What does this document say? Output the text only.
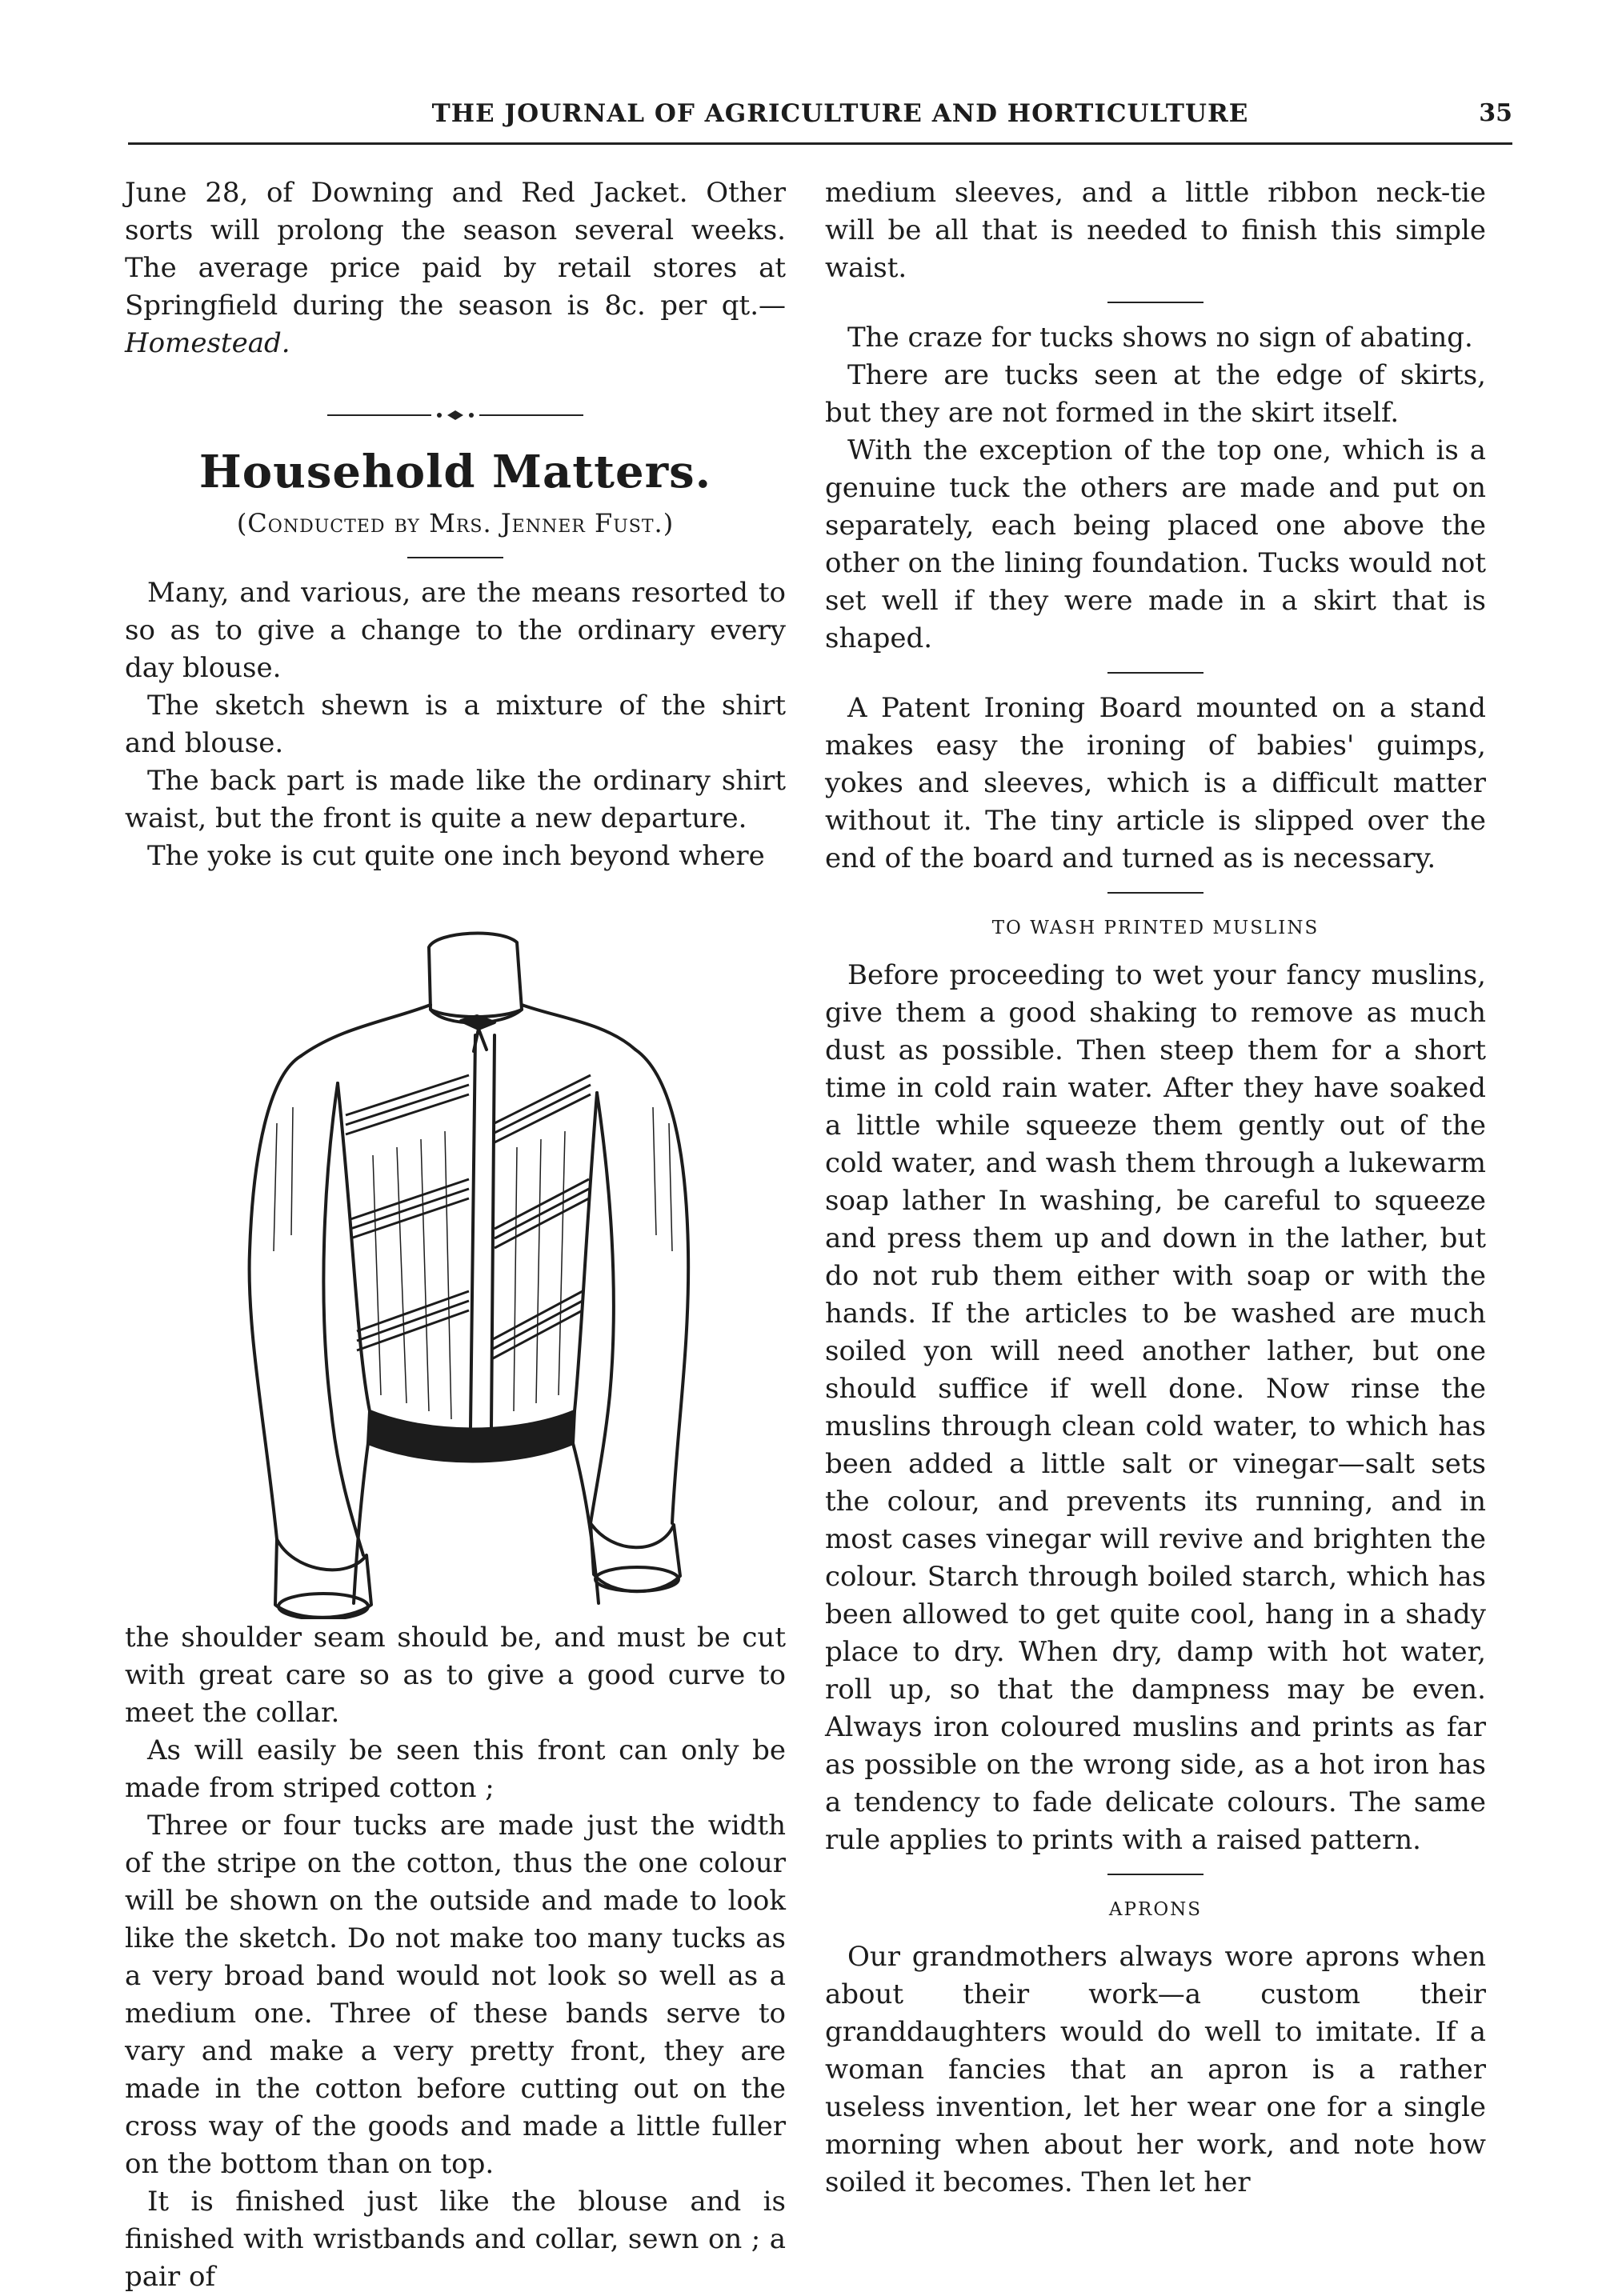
THE JOURNAL OF AGRICULTURE AND HORTICULTURE	35

June 28, of Downing and Red Jacket. Other sorts will prolong the season several weeks. The average price paid by retail stores at Springfield during the season is 8c. per qt.—Homestead.

Household Matters.
(Conducted by Mrs. Jenner Fust.)

Many, and various, are the means resorted to so as to give a change to the ordinary every day blouse.

The sketch shewn is a mixture of the shirt and blouse.

The back part is made like the ordinary shirt waist, but the front is quite a new departure.

The yoke is cut quite one inch beyond where

the shoulder seam should be, and must be cut with great care so as to give a good curve to meet the collar.

As will easily be seen this front can only be made from striped cotton ;

Three or four tucks are made just the width of the stripe on the cotton, thus the one colour will be shown on the outside and made to look like the sketch. Do not make too many tucks as a very broad band would not look so well as a medium one. Three of these bands serve to vary and make a very pretty front, they are made in the cotton before cutting out on the cross way of the goods and made a little fuller on the bottom than on top.

It is finished just like the blouse and is finished with wristbands and collar, sewn on ; a pair of

medium sleeves, and a little ribbon neck-tie will be all that is needed to finish this simple waist.

The craze for tucks shows no sign of abating.

There are tucks seen at the edge of skirts, but they are not formed in the skirt itself.

With the exception of the top one, which is a genuine tuck the others are made and put on separately, each being placed one above the other on the lining foundation. Tucks would not set well if they were made in a skirt that is shaped.

A Patent Ironing Board mounted on a stand makes easy the ironing of babies' guimps, yokes and sleeves, which is a difficult matter without it. The tiny article is slipped over the end of the board and turned as is necessary.

TO WASH PRINTED MUSLINS

Before proceeding to wet your fancy muslins, give them a good shaking to remove as much dust as possible. Then steep them for a short time in cold rain water. After they have soaked a little while squeeze them gently out of the cold water, and wash them through a lukewarm soap lather In washing, be careful to squeeze and press them up and down in the lather, but do not rub them either with soap or with the hands. If the articles to be washed are much soiled yon will need another lather, but one should suffice if well done. Now rinse the muslins through clean cold water, to which has been added a little salt or vinegar—salt sets the colour, and prevents its running, and in most cases vinegar will revive and brighten the colour. Starch through boiled starch, which has been allowed to get quite cool, hang in a shady place to dry. When dry, damp with hot water, roll up, so that the dampness may be even. Always iron coloured muslins and prints as far as possible on the wrong side, as a hot iron has a tendency to fade delicate colours. The same rule applies to prints with a raised pattern.

APRONS

Our grandmothers always wore aprons when about their work—a custom their granddaughters would do well to imitate. If a woman fancies that an apron is a rather useless invention, let her wear one for a single morning when about her work, and note how soiled it becomes. Then let her
